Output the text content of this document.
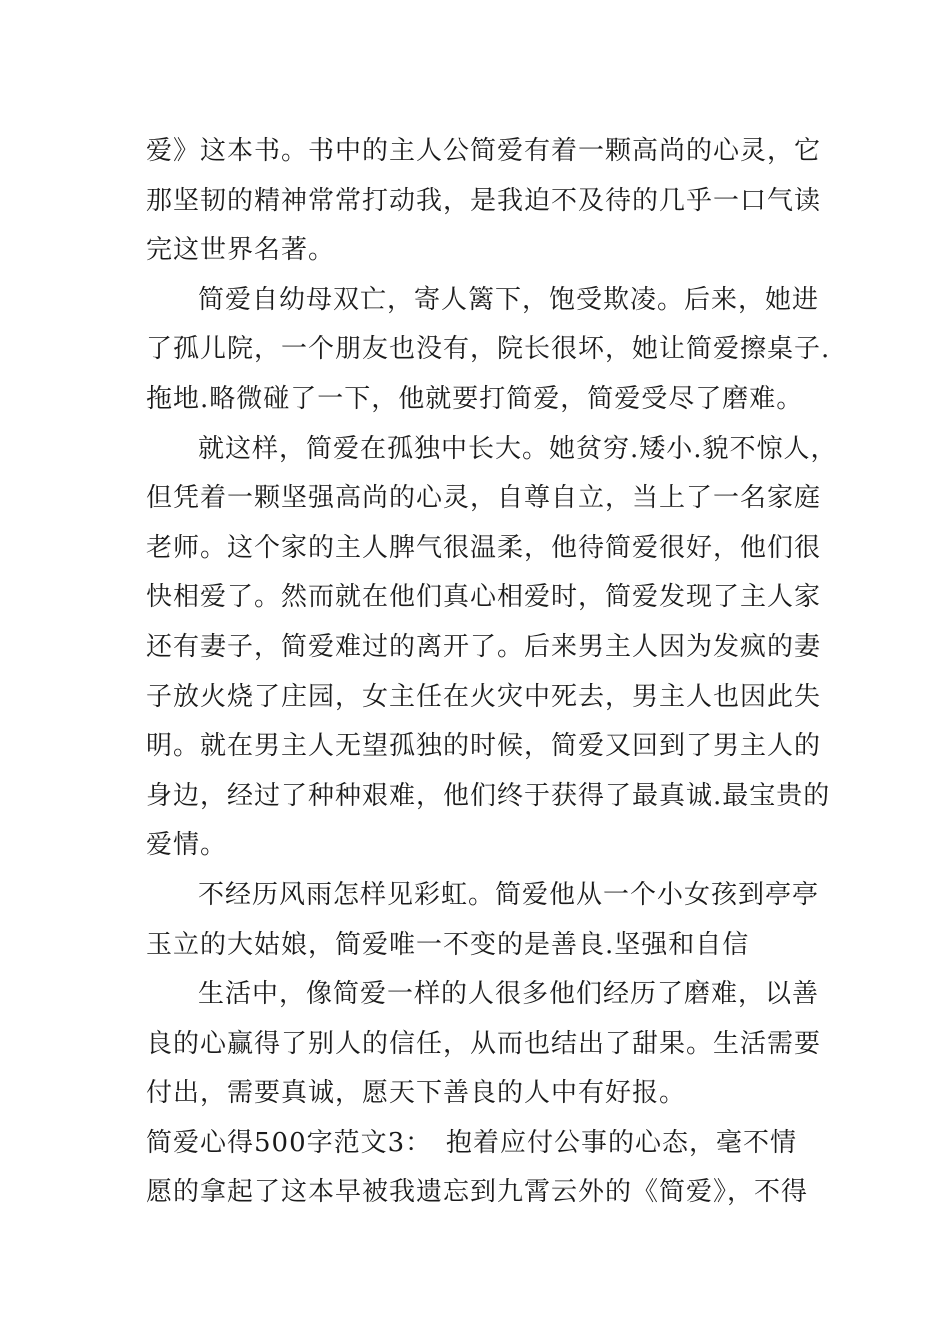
爱》这本书。书中的主人公简爱有着一颗高尚的心灵，它
那坚韧的精神常常打动我，是我迫不及待的几乎一口气读
完这世界名著。
简爱自幼母双亡，寄人篱下，饱受欺凌。后来，她进
了孤儿院，一个朋友也没有，院长很坏，她让简爱擦桌子.
拖地.略微碰了一下，他就要打简爱，简爱受尽了磨难。
就这样，简爱在孤独中长大。她贫穷.矮小.貌不惊人，
但凭着一颗坚强高尚的心灵，自尊自立，当上了一名家庭
老师。这个家的主人脾气很温柔，他待简爱很好，他们很
快相爱了。然而就在他们真心相爱时，简爱发现了主人家
还有妻子，简爱难过的离开了。后来男主人因为发疯的妻
子放火烧了庄园，女主任在火灾中死去，男主人也因此失
明。就在男主人无望孤独的时候，简爱又回到了男主人的
身边，经过了种种艰难，他们终于获得了最真诚.最宝贵的
爱情。
不经历风雨怎样见彩虹。简爱他从一个小女孩到亭亭
玉立的大姑娘，简爱唯一不变的是善良.坚强和自信
生活中，像简爱一样的人很多他们经历了磨难，以善
良的心赢得了别人的信任，从而也结出了甜果。生活需要
付出，需要真诚，愿天下善良的人中有好报。
简爱心得500字范文3： 抱着应付公事的心态，毫不情
愿的拿起了这本早被我遗忘到九霄云外的《简爱》，不得
